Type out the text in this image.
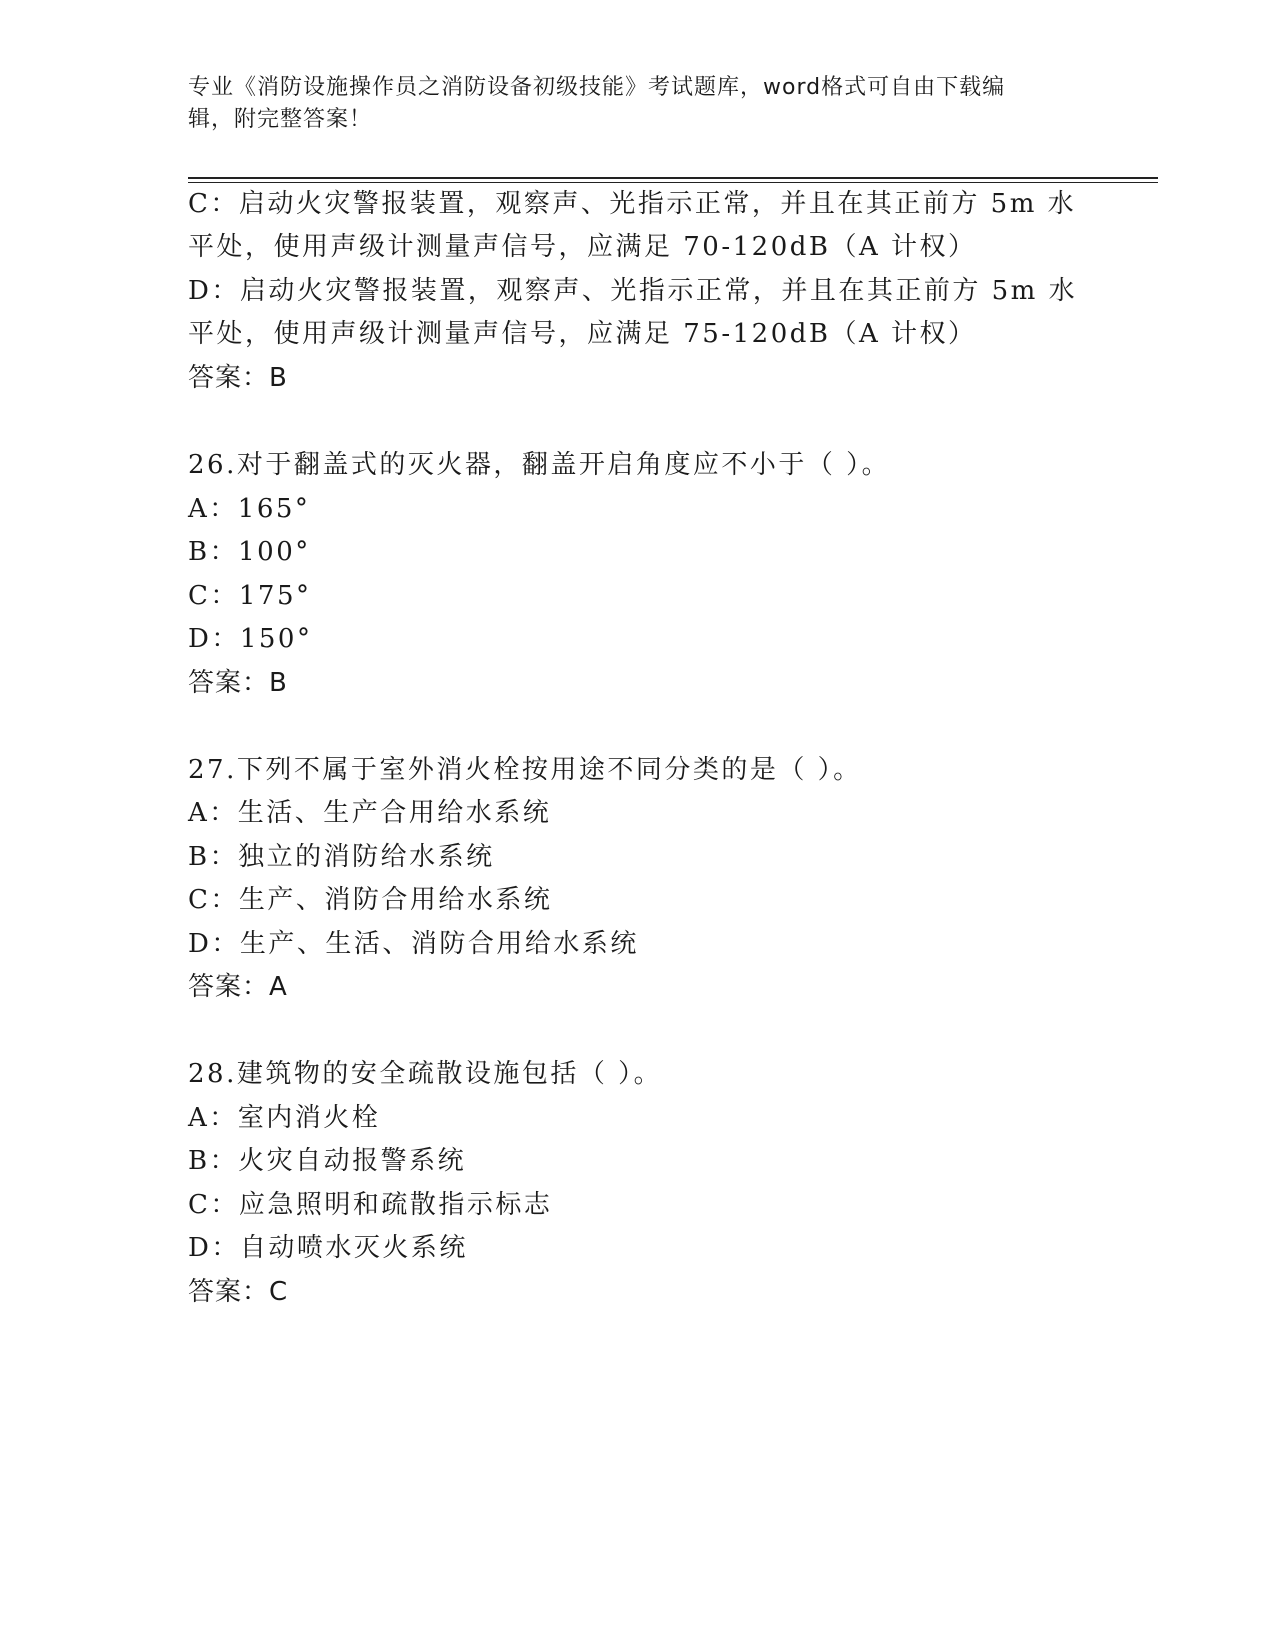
专业《消防设施操作员之消防设备初级技能》考试题库，word格式可自由下载编
辑，附完整答案！
C：启动火灾警报装置，观察声、光指示正常，并且在其正前方 5m 水
平处，使用声级计测量声信号，应满足 70-120dB（A 计权）
D：启动火灾警报装置，观察声、光指示正常，并且在其正前方 5m 水
平处，使用声级计测量声信号，应满足 75-120dB（A 计权）
答案：B
26.对于翻盖式的灭火器，翻盖开启角度应不小于（ ）。
A：165°
B：100°
C：175°
D：150°
答案：B
27.下列不属于室外消火栓按用途不同分类的是（ ）。
A：生活、生产合用给水系统
B：独立的消防给水系统
C：生产、消防合用给水系统
D：生产、生活、消防合用给水系统
答案：A
28.建筑物的安全疏散设施包括（ ）。
A：室内消火栓
B：火灾自动报警系统
C：应急照明和疏散指示标志
D：自动喷水灭火系统
答案：C
